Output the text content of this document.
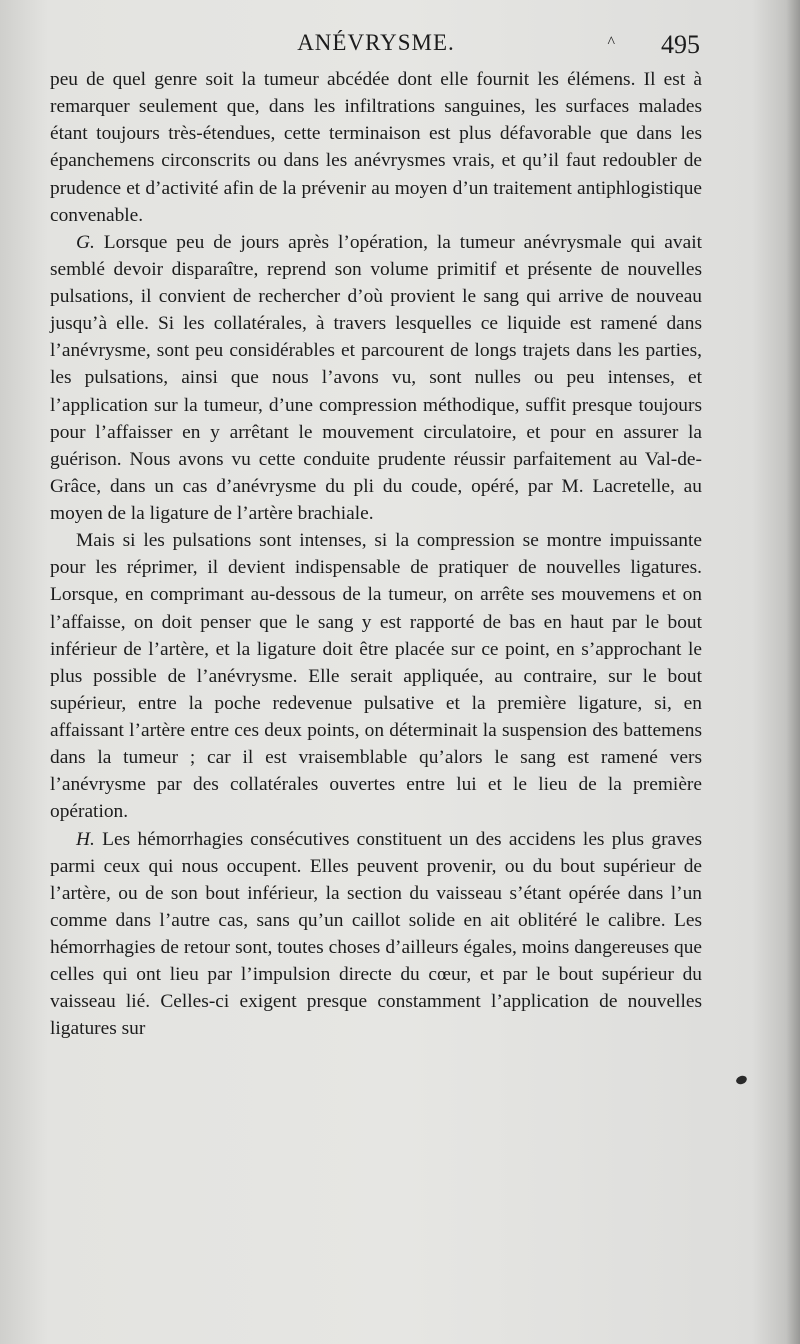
ANÉVRYSME.	^ 495

peu de quel genre soit la tumeur abcédée dont elle fournit les élémens. Il est à remarquer seulement que, dans les infiltrations sanguines, les surfaces malades étant toujours très-étendues, cette terminaison est plus défavorable que dans les épanchemens circonscrits ou dans les anévrysmes vrais, et qu’il faut redoubler de prudence et d’activité afin de la prévenir au moyen d’un traitement antiphlogistique convenable.

G. Lorsque peu de jours après l’opération, la tumeur anévrysmale qui avait semblé devoir disparaître, reprend son volume primitif et présente de nouvelles pulsations, il convient de rechercher d’où provient le sang qui arrive de nouveau jusqu’à elle. Si les collatérales, à travers lesquelles ce liquide est ramené dans l’anévrysme, sont peu considérables et parcourent de longs trajets dans les parties, les pulsations, ainsi que nous l’avons vu, sont nulles ou peu intenses, et l’application sur la tumeur, d’une compression méthodique, suffit presque toujours pour l’affaisser en y arrêtant le mouvement circulatoire, et pour en assurer la guérison. Nous avons vu cette conduite prudente réussir parfaitement au Val-de-Grâce, dans un cas d’anévrysme du pli du coude, opéré, par M. Lacretelle, au moyen de la ligature de l’artère brachiale.

Mais si les pulsations sont intenses, si la compression se montre impuissante pour les réprimer, il devient indispensable de pratiquer de nouvelles ligatures. Lorsque, en comprimant au-dessous de la tumeur, on arrête ses mouvemens et on l’affaisse, on doit penser que le sang y est rapporté de bas en haut par le bout inférieur de l’artère, et la ligature doit être placée sur ce point, en s’approchant le plus possible de l’anévrysme. Elle serait appliquée, au contraire, sur le bout supérieur, entre la poche redevenue pulsative et la première ligature, si, en affaissant l’artère entre ces deux points, on déterminait la suspension des battemens dans la tumeur ; car il est vraisemblable qu’alors le sang est ramené vers l’anévrysme par des collatérales ouvertes entre lui et le lieu de la première opération.

H. Les hémorrhagies consécutives constituent un des accidens les plus graves parmi ceux qui nous occupent. Elles peuvent provenir, ou du bout supérieur de l’artère, ou de son bout inférieur, la section du vaisseau s’étant opérée dans l’un comme dans l’autre cas, sans qu’un caillot solide en ait oblitéré le calibre. Les hémorrhagies de retour sont, toutes choses d’ailleurs égales, moins dangereuses que celles qui ont lieu par l’impulsion directe du cœur, et par le bout supérieur du vaisseau lié. Celles-ci exigent presque constamment l’application de nouvelles ligatures sur
